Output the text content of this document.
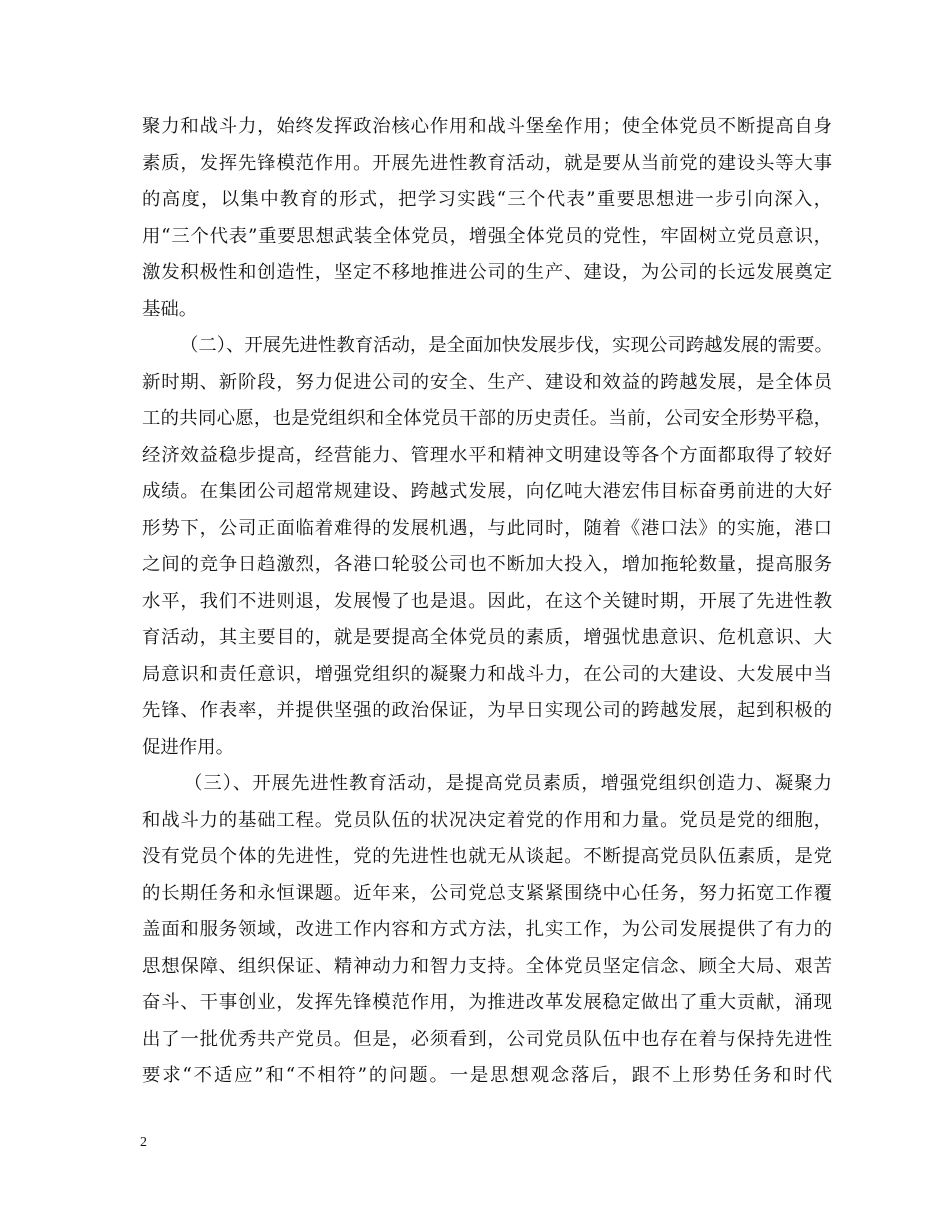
聚力和战斗力，始终发挥政治核心作用和战斗堡垒作用；使全体党员不断提高自身
素质，发挥先锋模范作用。开展先进性教育活动，就是要从当前党的建设头等大事
的高度，以集中教育的形式，把学习实践“三个代表”重要思想进一步引向深入，
用“三个代表”重要思想武装全体党员，增强全体党员的党性，牢固树立党员意识，
激发积极性和创造性，坚定不移地推进公司的生产、建设，为公司的长远发展奠定
基础。
（二）、开展先进性教育活动，是全面加快发展步伐，实现公司跨越发展的需要。
新时期、新阶段，努力促进公司的安全、生产、建设和效益的跨越发展，是全体员
工的共同心愿，也是党组织和全体党员干部的历史责任。当前，公司安全形势平稳，
经济效益稳步提高，经营能力、管理水平和精神文明建设等各个方面都取得了较好
成绩。在集团公司超常规建设、跨越式发展，向亿吨大港宏伟目标奋勇前进的大好
形势下，公司正面临着难得的发展机遇，与此同时，随着《港口法》的实施，港口
之间的竞争日趋激烈，各港口轮驳公司也不断加大投入，增加拖轮数量，提高服务
水平，我们不进则退，发展慢了也是退。因此，在这个关键时期，开展了先进性教
育活动，其主要目的，就是要提高全体党员的素质，增强忧患意识、危机意识、大
局意识和责任意识，增强党组织的凝聚力和战斗力，在公司的大建设、大发展中当
先锋、作表率，并提供坚强的政治保证，为早日实现公司的跨越发展，起到积极的
促进作用。
（三）、开展先进性教育活动，是提高党员素质，增强党组织创造力、凝聚力
和战斗力的基础工程。党员队伍的状况决定着党的作用和力量。党员是党的细胞，
没有党员个体的先进性，党的先进性也就无从谈起。不断提高党员队伍素质，是党
的长期任务和永恒课题。近年来，公司党总支紧紧围绕中心任务，努力拓宽工作覆
盖面和服务领域，改进工作内容和方式方法，扎实工作，为公司发展提供了有力的
思想保障、组织保证、精神动力和智力支持。全体党员坚定信念、顾全大局、艰苦
奋斗、干事创业，发挥先锋模范作用，为推进改革发展稳定做出了重大贡献，涌现
出了一批优秀共产党员。但是，必须看到，公司党员队伍中也存在着与保持先进性
要求“不适应”和“不相符”的问题。一是思想观念落后，跟不上形势任务和时代
2
